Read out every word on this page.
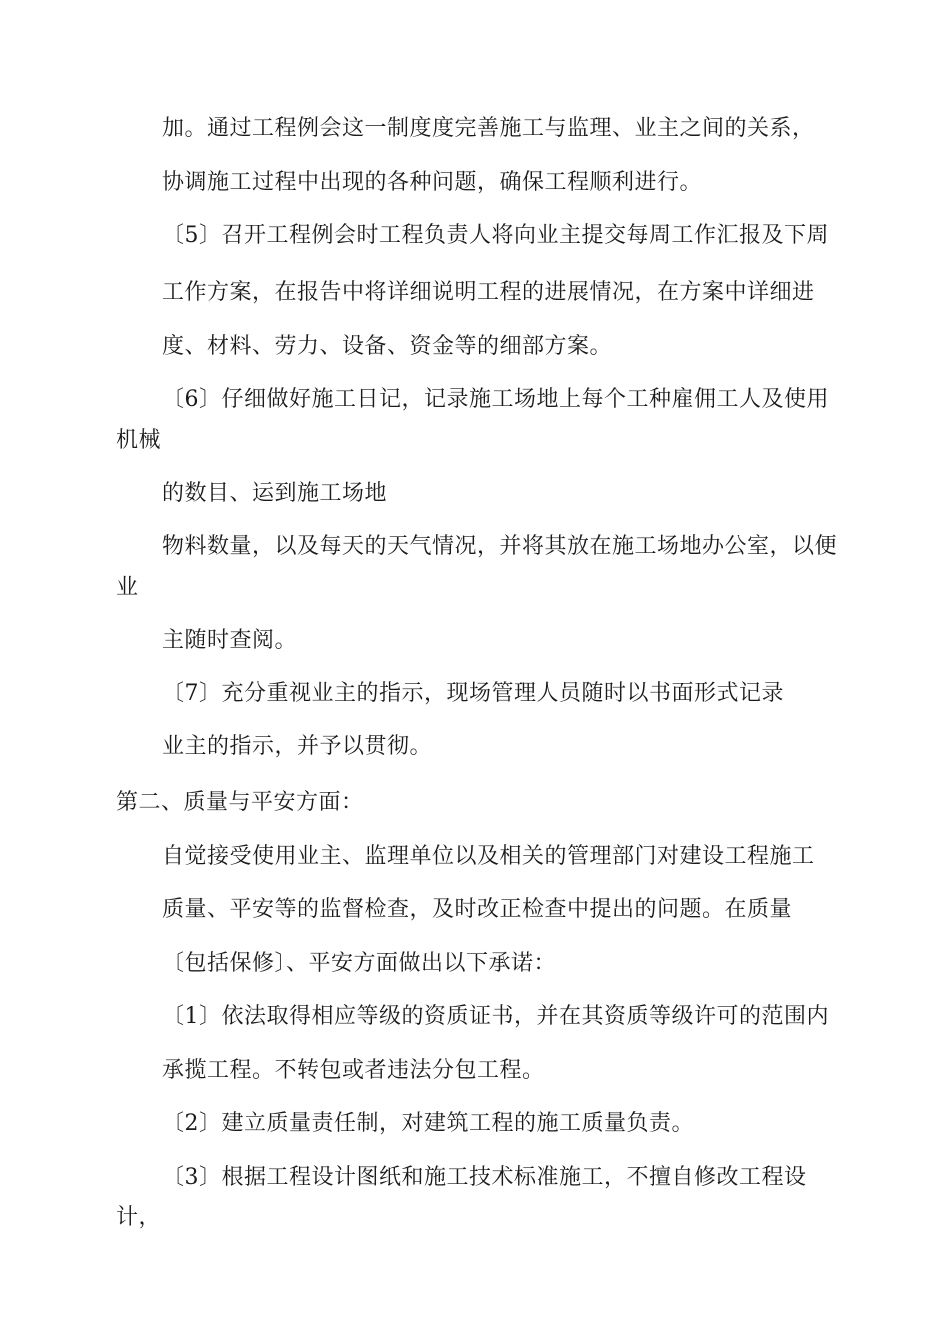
加。通过工程例会这一制度度完善施工与监理、业主之间的关系，
协调施工过程中出现的各种问题，确保工程顺利进行。
〔5〕召开工程例会时工程负责人将向业主提交每周工作汇报及下周
工作方案，在报告中将详细说明工程的进展情况，在方案中详细进
度、材料、劳力、设备、资金等的细部方案。
〔6〕仔细做好施工日记，记录施工场地上每个工种雇佣工人及使用
机械
的数目、运到施工场地
物料数量，以及每天的天气情况，并将其放在施工场地办公室，以便
业
主随时查阅。
〔7〕充分重视业主的指示，现场管理人员随时以书面形式记录
业主的指示，并予以贯彻。
第二、质量与平安方面：
自觉接受使用业主、监理单位以及相关的管理部门对建设工程施工
质量、平安等的监督检查，及时改正检查中提出的问题。在质量
〔包括保修〕、平安方面做出以下承诺：
〔1〕依法取得相应等级的资质证书，并在其资质等级许可的范围内
承揽工程。不转包或者违法分包工程。
〔2〕建立质量责任制，对建筑工程的施工质量负责。
〔3〕根据工程设计图纸和施工技术标准施工，不擅自修改工程设
计，
